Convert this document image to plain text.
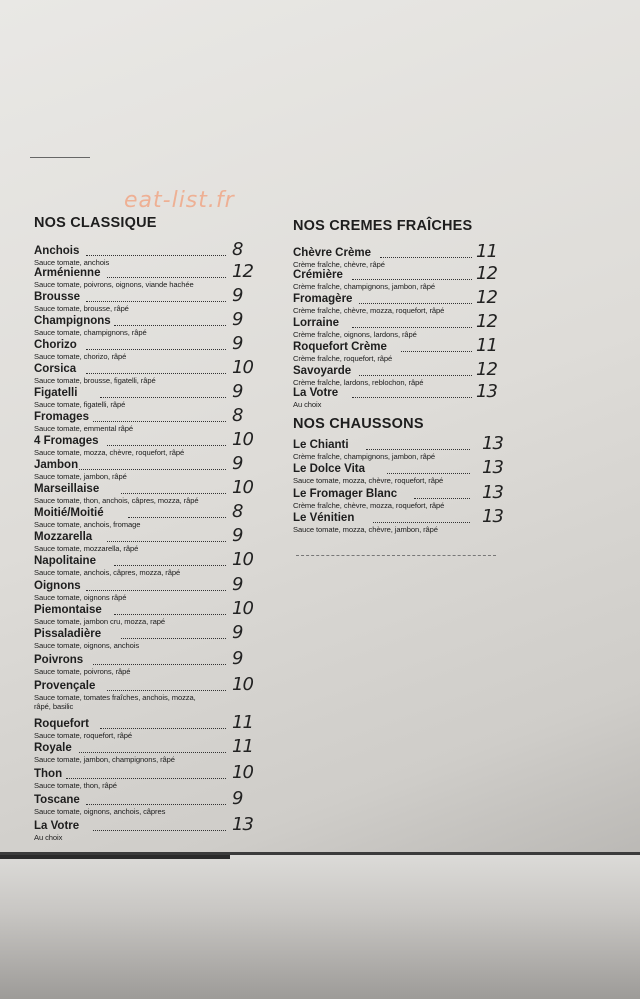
eat-list.fr
NOS CLASSIQUE	NOS CREMES FRAÎCHES
NOS CHAUSSONS
Anchois
Sauce tomate, anchois
8
Arménienne
Sauce tomate, poivrons, oignons, viande hachée
12
Brousse
Sauce tomate, brousse, râpé
9
Champignons
Sauce tomate, champignons, râpé
9
Chorizo
Sauce tomate, chorizo, râpé
9
Corsica
Sauce tomate, brousse, figatelli, râpé
10
Figatelli
Sauce tomate, figatelli, râpé
9
Fromages
Sauce tomate, emmental râpé
8
4 Fromages
Sauce tomate, mozza, chèvre, roquefort, râpé
10
Jambon
Sauce tomate, jambon, râpé
9
Marseillaise
Sauce tomate, thon, anchois, câpres, mozza, râpé
10
Moitié/Moitié
Sauce tomate, anchois, fromage
8
Mozzarella
Sauce tomate, mozzarella, râpé
9
Napolitaine
Sauce tomate, anchois, câpres, mozza, râpé
10
Oignons
Sauce tomate, oignons râpé
9
Piemontaise
Sauce tomate, jambon cru, mozza, rapé
10
Pissaladière
Sauce tomate, oignons, anchois
9
Poivrons
Sauce tomate, poivrons, râpé
9
Provençale
Sauce tomate, tomates fraîches, anchois, mozza,
râpé, basilic
10
Roquefort
Sauce tomate, roquefort, râpé
11
Royale
Sauce tomate, jambon, champignons, râpé
11
Thon
Sauce tomate, thon, râpé
10
Toscane
Sauce tomate, oignons, anchois, câpres
9
La Votre
Au choix
13
Chèvre Crème
Crème fraîche, chèvre, râpé
11
Crémière
Crème fraîche, champignons, jambon, râpé
12
Fromagère
Crème fraîche, chèvre, mozza, roquefort, râpé
12
Lorraine
Crème fraîche, oignons, lardons, râpé
12
Roquefort Crème
Crème fraîche, roquefort, râpé
11
Savoyarde
Crème fraîche, lardons, reblochon, râpé
12
La Votre
Au choix
13
Le Chianti
Crème fraîche, champignons, jambon, râpé
13
Le Dolce Vita
Sauce tomate, mozza, chèvre, roquefort, râpé
13
Le Fromager Blanc
Crème fraîche, chèvre, mozza, roquefort, râpé
13
Le Vénitien
Sauce tomate, mozza, chèvre, jambon, râpé
13
